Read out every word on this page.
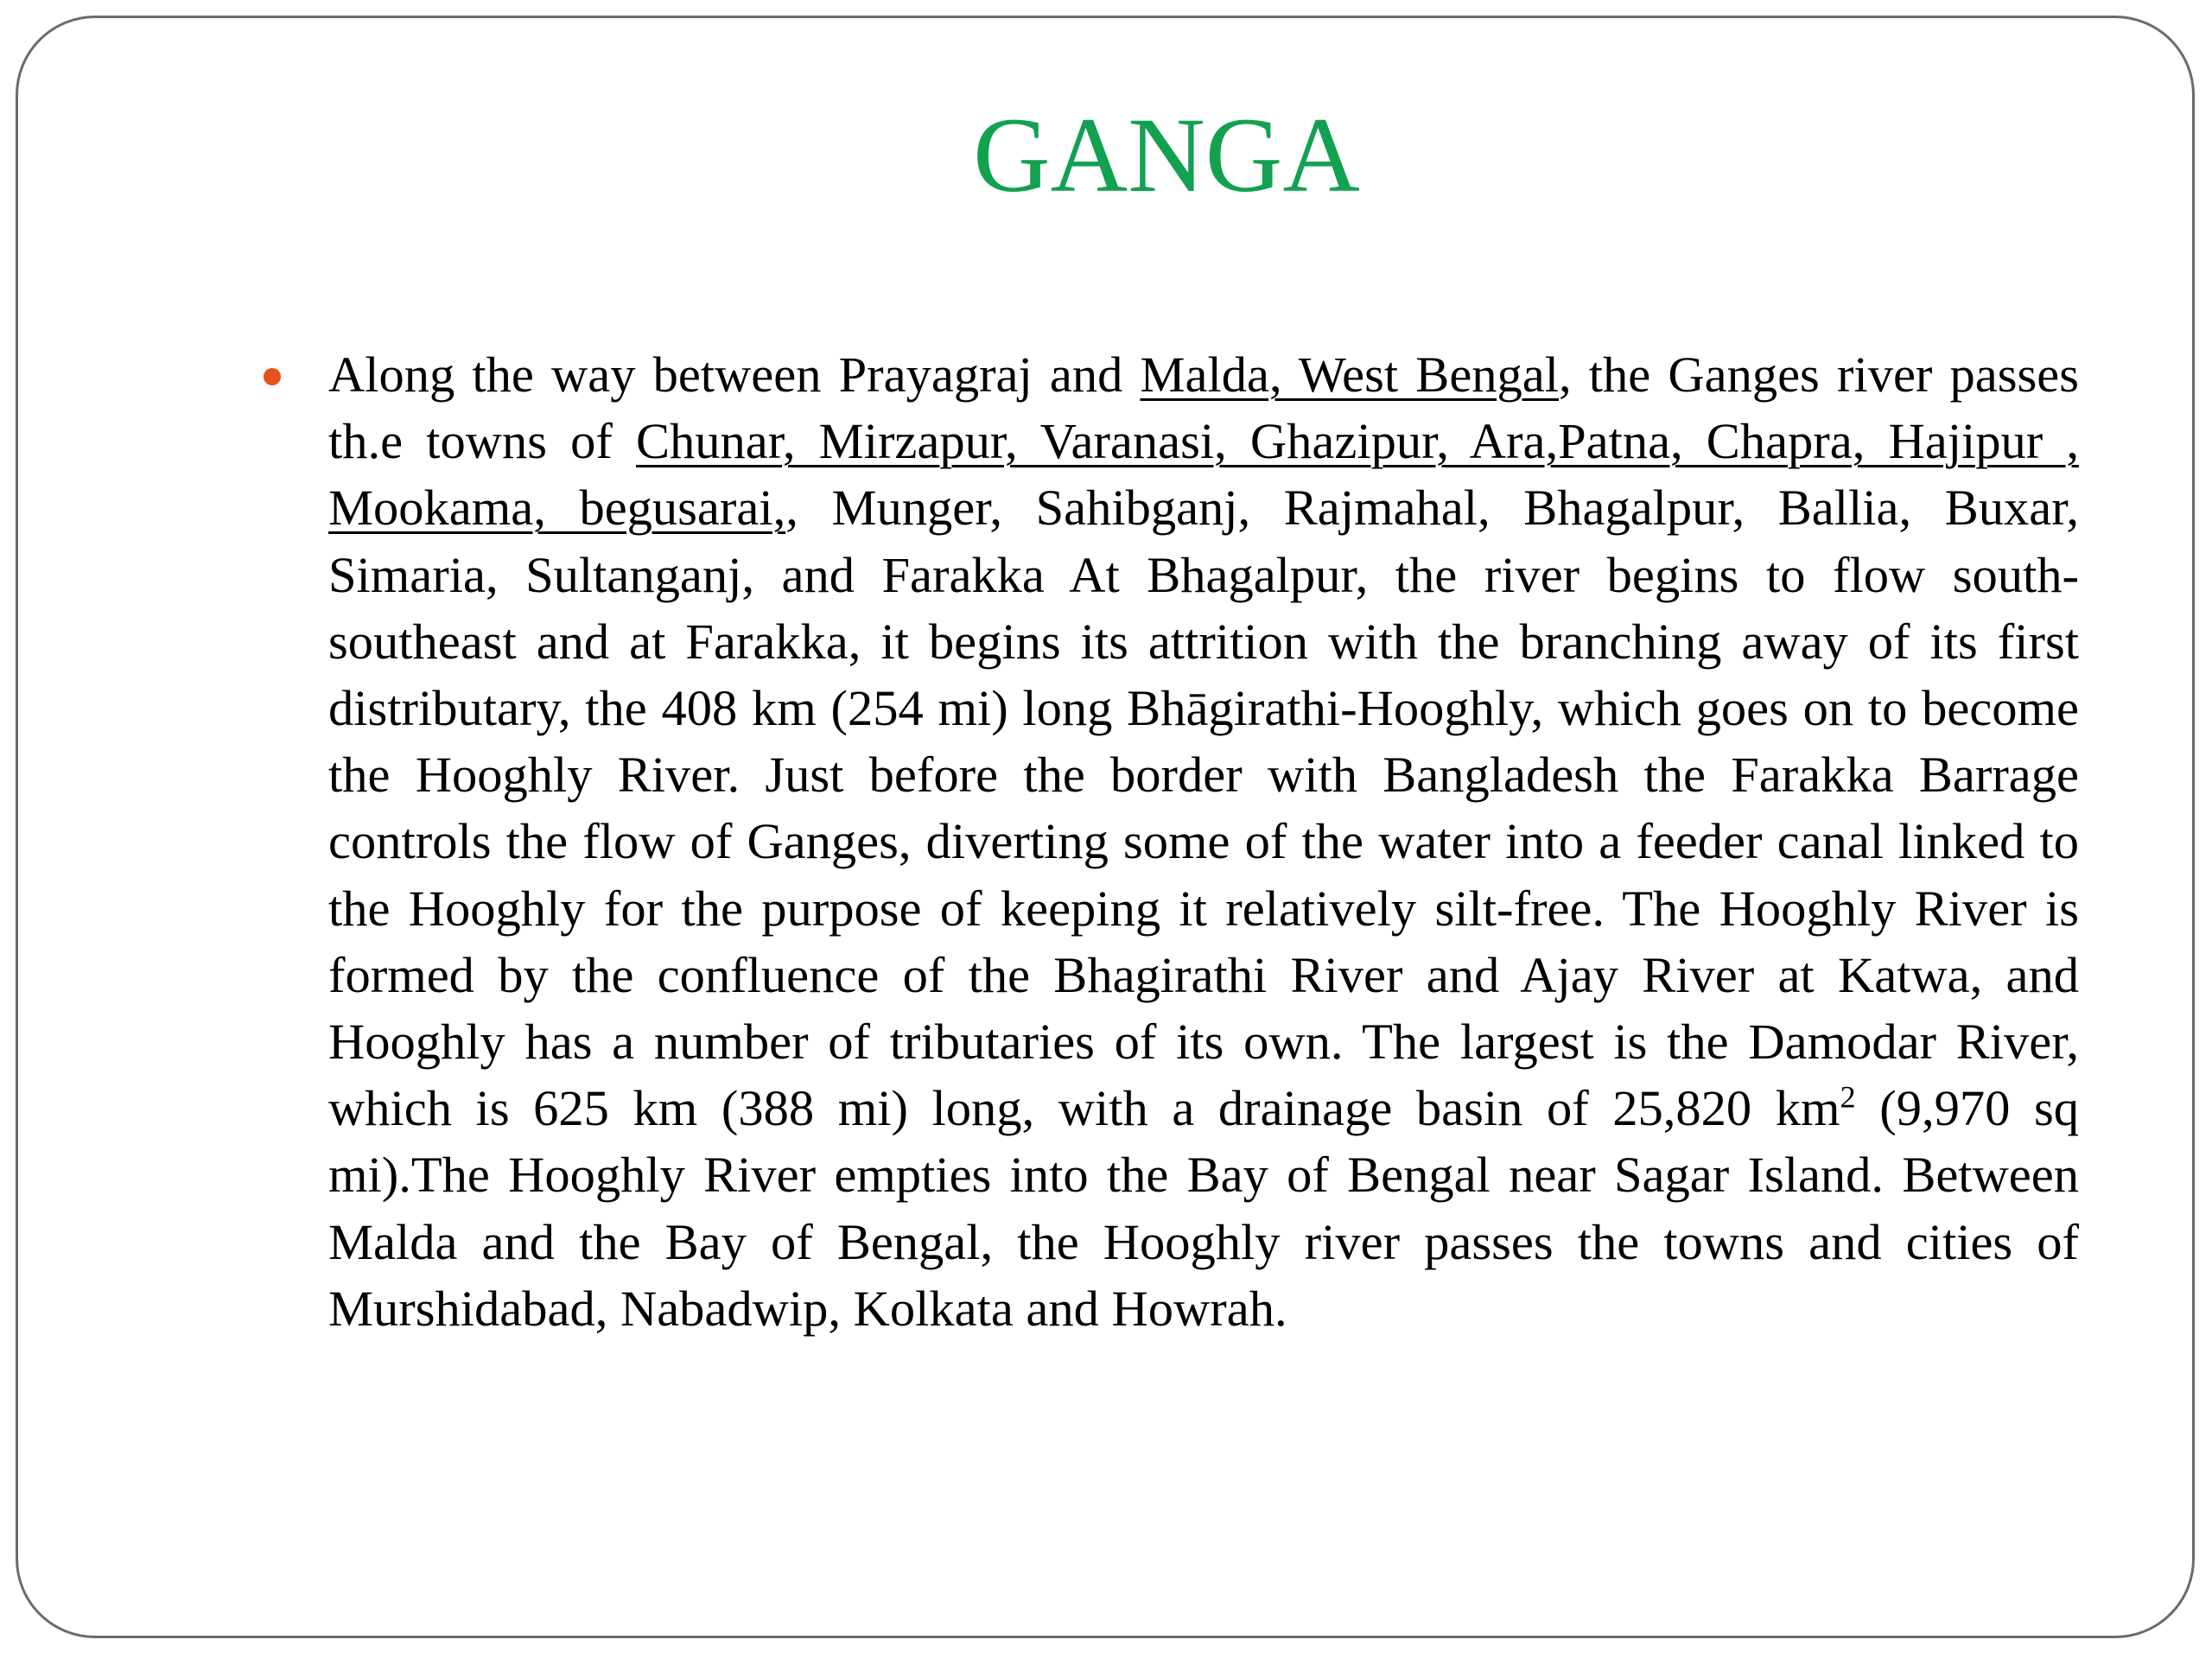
GANGA

Along the way between Prayagraj and Malda, West Bengal, the Ganges river passes th.e towns of Chunar, Mirzapur, Varanasi, Ghazipur, Ara,Patna, Chapra, Hajipur , Mookama, begusarai,, Munger, Sahibganj, Rajmahal, Bhagalpur, Ballia, Buxar, Simaria, Sultanganj, and Farakka At Bhagalpur, the river begins to flow south-southeast and at Farakka, it begins its attrition with the branching away of its first distributary, the 408 km (254 mi) long Bhāgirathi-Hooghly, which goes on to become the Hooghly River. Just before the border with Bangladesh the Farakka Barrage controls the flow of Ganges, diverting some of the water into a feeder canal linked to the Hooghly for the purpose of keeping it relatively silt-free. The Hooghly River is formed by the confluence of the Bhagirathi River and Ajay River at Katwa, and Hooghly has a number of tributaries of its own. The largest is the Damodar River, which is 625 km (388 mi) long, with a drainage basin of 25,820 $km^2$ (9,970 sq mi).The Hooghly River empties into the Bay of Bengal near Sagar Island. Between Malda and the Bay of Bengal, the Hooghly river passes the towns and cities of Murshidabad, Nabadwip, Kolkata and Howrah.
